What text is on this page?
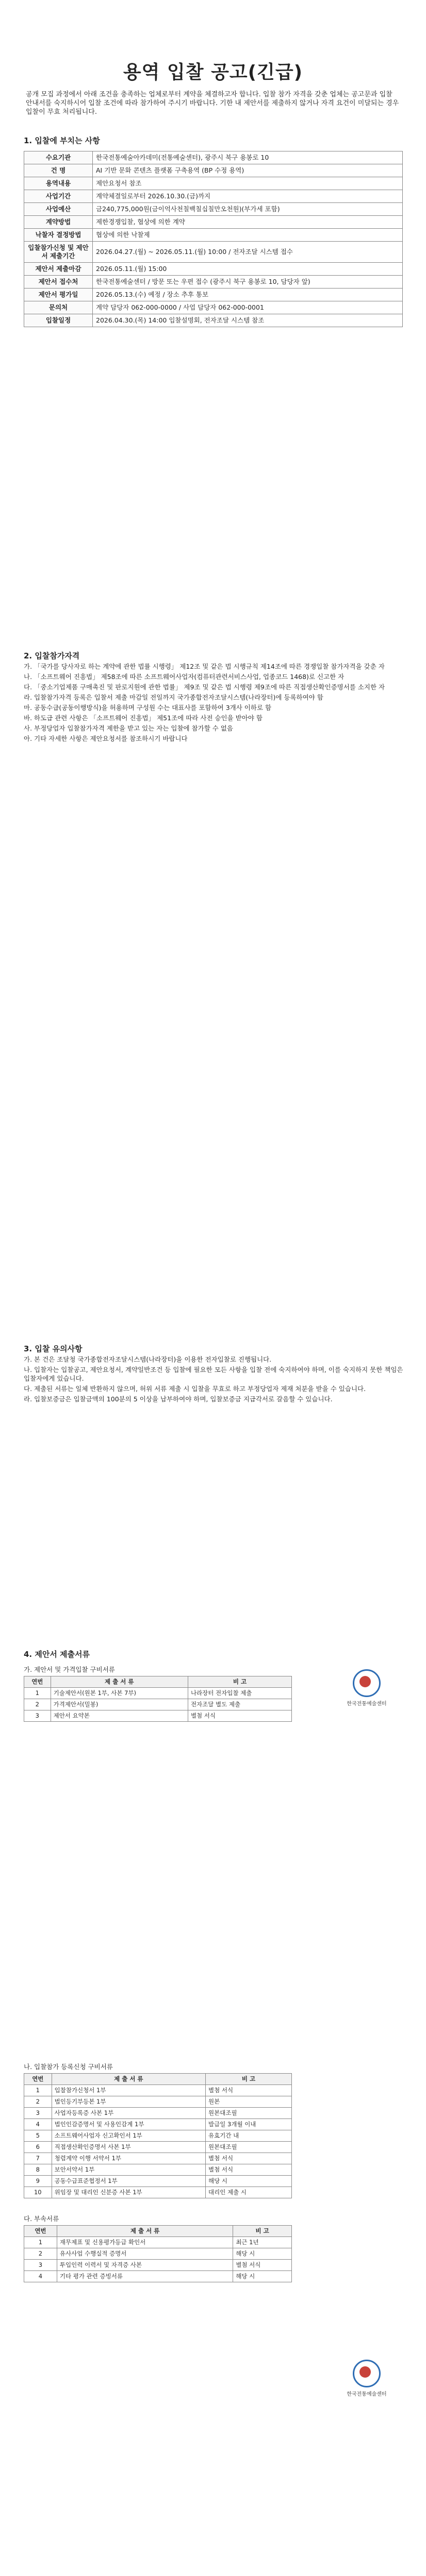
용역 입찰 공고(긴급)
공개 모집 과정에서 아래 조건을 충족하는 업체로부터 계약을 체결하고자 합니다. 입찰 참가 자격을 갖춘 업체는 공고문과 입찰 안내서를 숙지하시어 입찰 조건에 따라 참가하여 주시기 바랍니다. 기한 내 제안서를 제출하지 않거나 자격 요건이 미달되는 경우 입찰이 무효 처리됩니다.
1. 입찰에 부치는 사항
수요기관	한국전통예술아카데미(전통예술센터), 광주시 북구 용봉로 10
건 명	AI 기반 문화 콘텐츠 플랫폼 구축용역 (BP 수정 용역)
용역내용	제안요청서 참조
사업기간	계약체결일로부터 2026.10.30.(금)까지
사업예산	금240,775,000원(금이억사천칠백칠십칠만오천원)(부가세 포함)
계약방법	제한경쟁입찰, 협상에 의한 계약
낙찰자 결정방법	협상에 의한 낙찰제
입찰참가신청 및 제안서 제출기간	2026.04.27.(월) ~ 2026.05.11.(월) 10:00 / 전자조달 시스템 접수
제안서 제출마감	2026.05.11.(월) 15:00
제안서 접수처	한국전통예술센터 / 방문 또는 우편 접수 (광주시 북구 용봉로 10, 담당자 앞)
제안서 평가일	2026.05.13.(수) 예정 / 장소 추후 통보
문의처	계약 담당자 062-000-0000 / 사업 담당자 062-000-0001
입찰일정	2026.04.30.(목) 14:00 입찰설명회, 전자조달 시스템 참조
2. 입찰참가자격

가. 「국가를 당사자로 하는 계약에 관한 법률 시행령」 제12조 및 같은 법 시행규칙 제14조에 따른 경쟁입찰 참가자격을 갖춘 자

나. 「소프트웨어 진흥법」 제58조에 따른 소프트웨어사업자(컴퓨터관련서비스사업, 업종코드 1468)로 신고한 자

다. 「중소기업제품 구매촉진 및 판로지원에 관한 법률」 제9조 및 같은 법 시행령 제9조에 따른 직접생산확인증명서를 소지한 자

라. 입찰참가자격 등록은 입찰서 제출 마감일 전일까지 국가종합전자조달시스템(나라장터)에 등록하여야 함

마. 공동수급(공동이행방식)을 허용하며 구성원 수는 대표사를 포함하여 3개사 이하로 함

바. 하도급 관련 사항은 「소프트웨어 진흥법」 제51조에 따라 사전 승인을 받아야 함

사. 부정당업자 입찰참가자격 제한을 받고 있는 자는 입찰에 참가할 수 없음

아. 기타 자세한 사항은 제안요청서를 참조하시기 바랍니다

3. 입찰 유의사항

가. 본 건은 조달청 국가종합전자조달시스템(나라장터)을 이용한 전자입찰로 진행됩니다.

나. 입찰자는 입찰공고, 제안요청서, 계약일반조건 등 입찰에 필요한 모든 사항을 입찰 전에 숙지하여야 하며, 이를 숙지하지 못한 책임은 입찰자에게 있습니다.

다. 제출된 서류는 일체 반환하지 않으며, 허위 서류 제출 시 입찰을 무효로 하고 부정당업자 제재 처분을 받을 수 있습니다.

라. 입찰보증금은 입찰금액의 100분의 5 이상을 납부하여야 하며, 입찰보증금 지급각서로 갈음할 수 있습니다.

4. 제안서 제출서류

가. 제안서 및 가격입찰 구비서류

연번	제 출 서 류	비 고
1	기술제안서(원본 1부, 사본 7부)	나라장터 전자입찰 제출
2	가격제안서(밀봉)	전자조달 별도 제출
3	제안서 요약본	별첨 서식
한국전통예술센터

나. 입찰참가 등록신청 구비서류

연번	제 출 서 류	비 고
1	입찰참가신청서 1부	별첨 서식
2	법인등기부등본 1부	원본
3	사업자등록증 사본 1부	원본대조필
4	법인인감증명서 및 사용인감계 1부	발급일 3개월 이내
5	소프트웨어사업자 신고확인서 1부	유효기간 내
6	직접생산확인증명서 사본 1부	원본대조필
7	청렴계약 이행 서약서 1부	별첨 서식
8	보안서약서 1부	별첨 서식
9	공동수급표준협정서 1부	해당 시
10	위임장 및 대리인 신분증 사본 1부	대리인 제출 시

다. 부속서류

연번	제 출 서 류	비 고
1	재무제표 및 신용평가등급 확인서	최근 1년
2	유사사업 수행실적 증명서	해당 시
3	투입인력 이력서 및 자격증 사본	별첨 서식
4	기타 평가 관련 증빙서류	해당 시
한국전통예술센터
